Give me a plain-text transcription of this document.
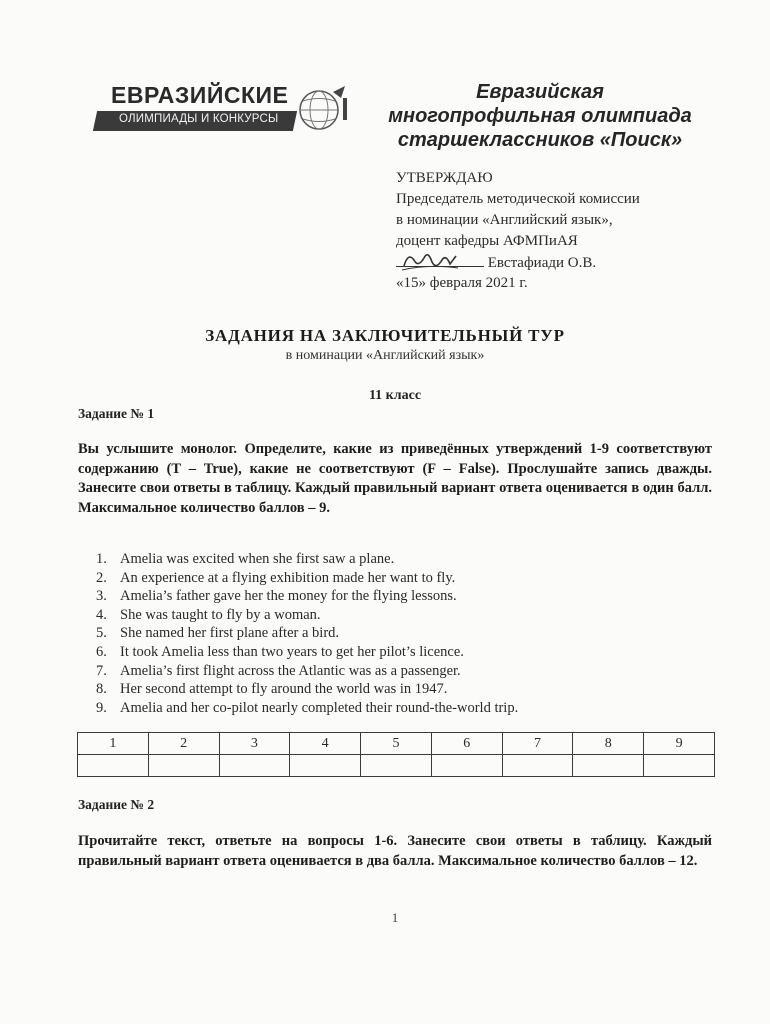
ЕВРАЗИЙСКИЕ
ОЛИМПИАДЫ И КОНКУРСЫ
Евразийская
многопрофильная олимпиада
старшеклассников «Поиск»
УТВЕРЖДАЮ
Председатель методической комиссии
в номинации «Английский язык»,
доцент кафедры АФМПиАЯ

Евстафиади О.В.
«15» февраля 2021 г.
ЗАДАНИЯ НА ЗАКЛЮЧИТЕЛЬНЫЙ ТУР
в номинации «Английский язык»
11 класс
Задание № 1
Вы услышите монолог. Определите, какие из приведённых утверждений 1-9 соответствуют содержанию (T – True), какие не соответствуют (F – False). Прослушайте запись дважды. Занесите свои ответы в таблицу. Каждый правильный вариант ответа оценивается в один балл. Максимальное количество баллов – 9.
1. Amelia was excited when she first saw a plane.
2. An experience at a flying exhibition made her want to fly.
3. Amelia’s father gave her the money for the flying lessons.
4. She was taught to fly by a woman.
5. She named her first plane after a bird.
6. It took Amelia less than two years to get her pilot’s licence.
7. Amelia’s first flight across the Atlantic was as a passenger.
8. Her second attempt to fly around the world was in 1947.
9. Amelia and her co-pilot nearly completed their round-the-world trip.
1	2	3	4	5	6	7	8	9

Задание № 2
Прочитайте текст, ответьте на вопросы 1-6. Занесите свои ответы в таблицу. Каждый правильный вариант ответа оценивается в два балла. Максимальное количество баллов – 12.
1
